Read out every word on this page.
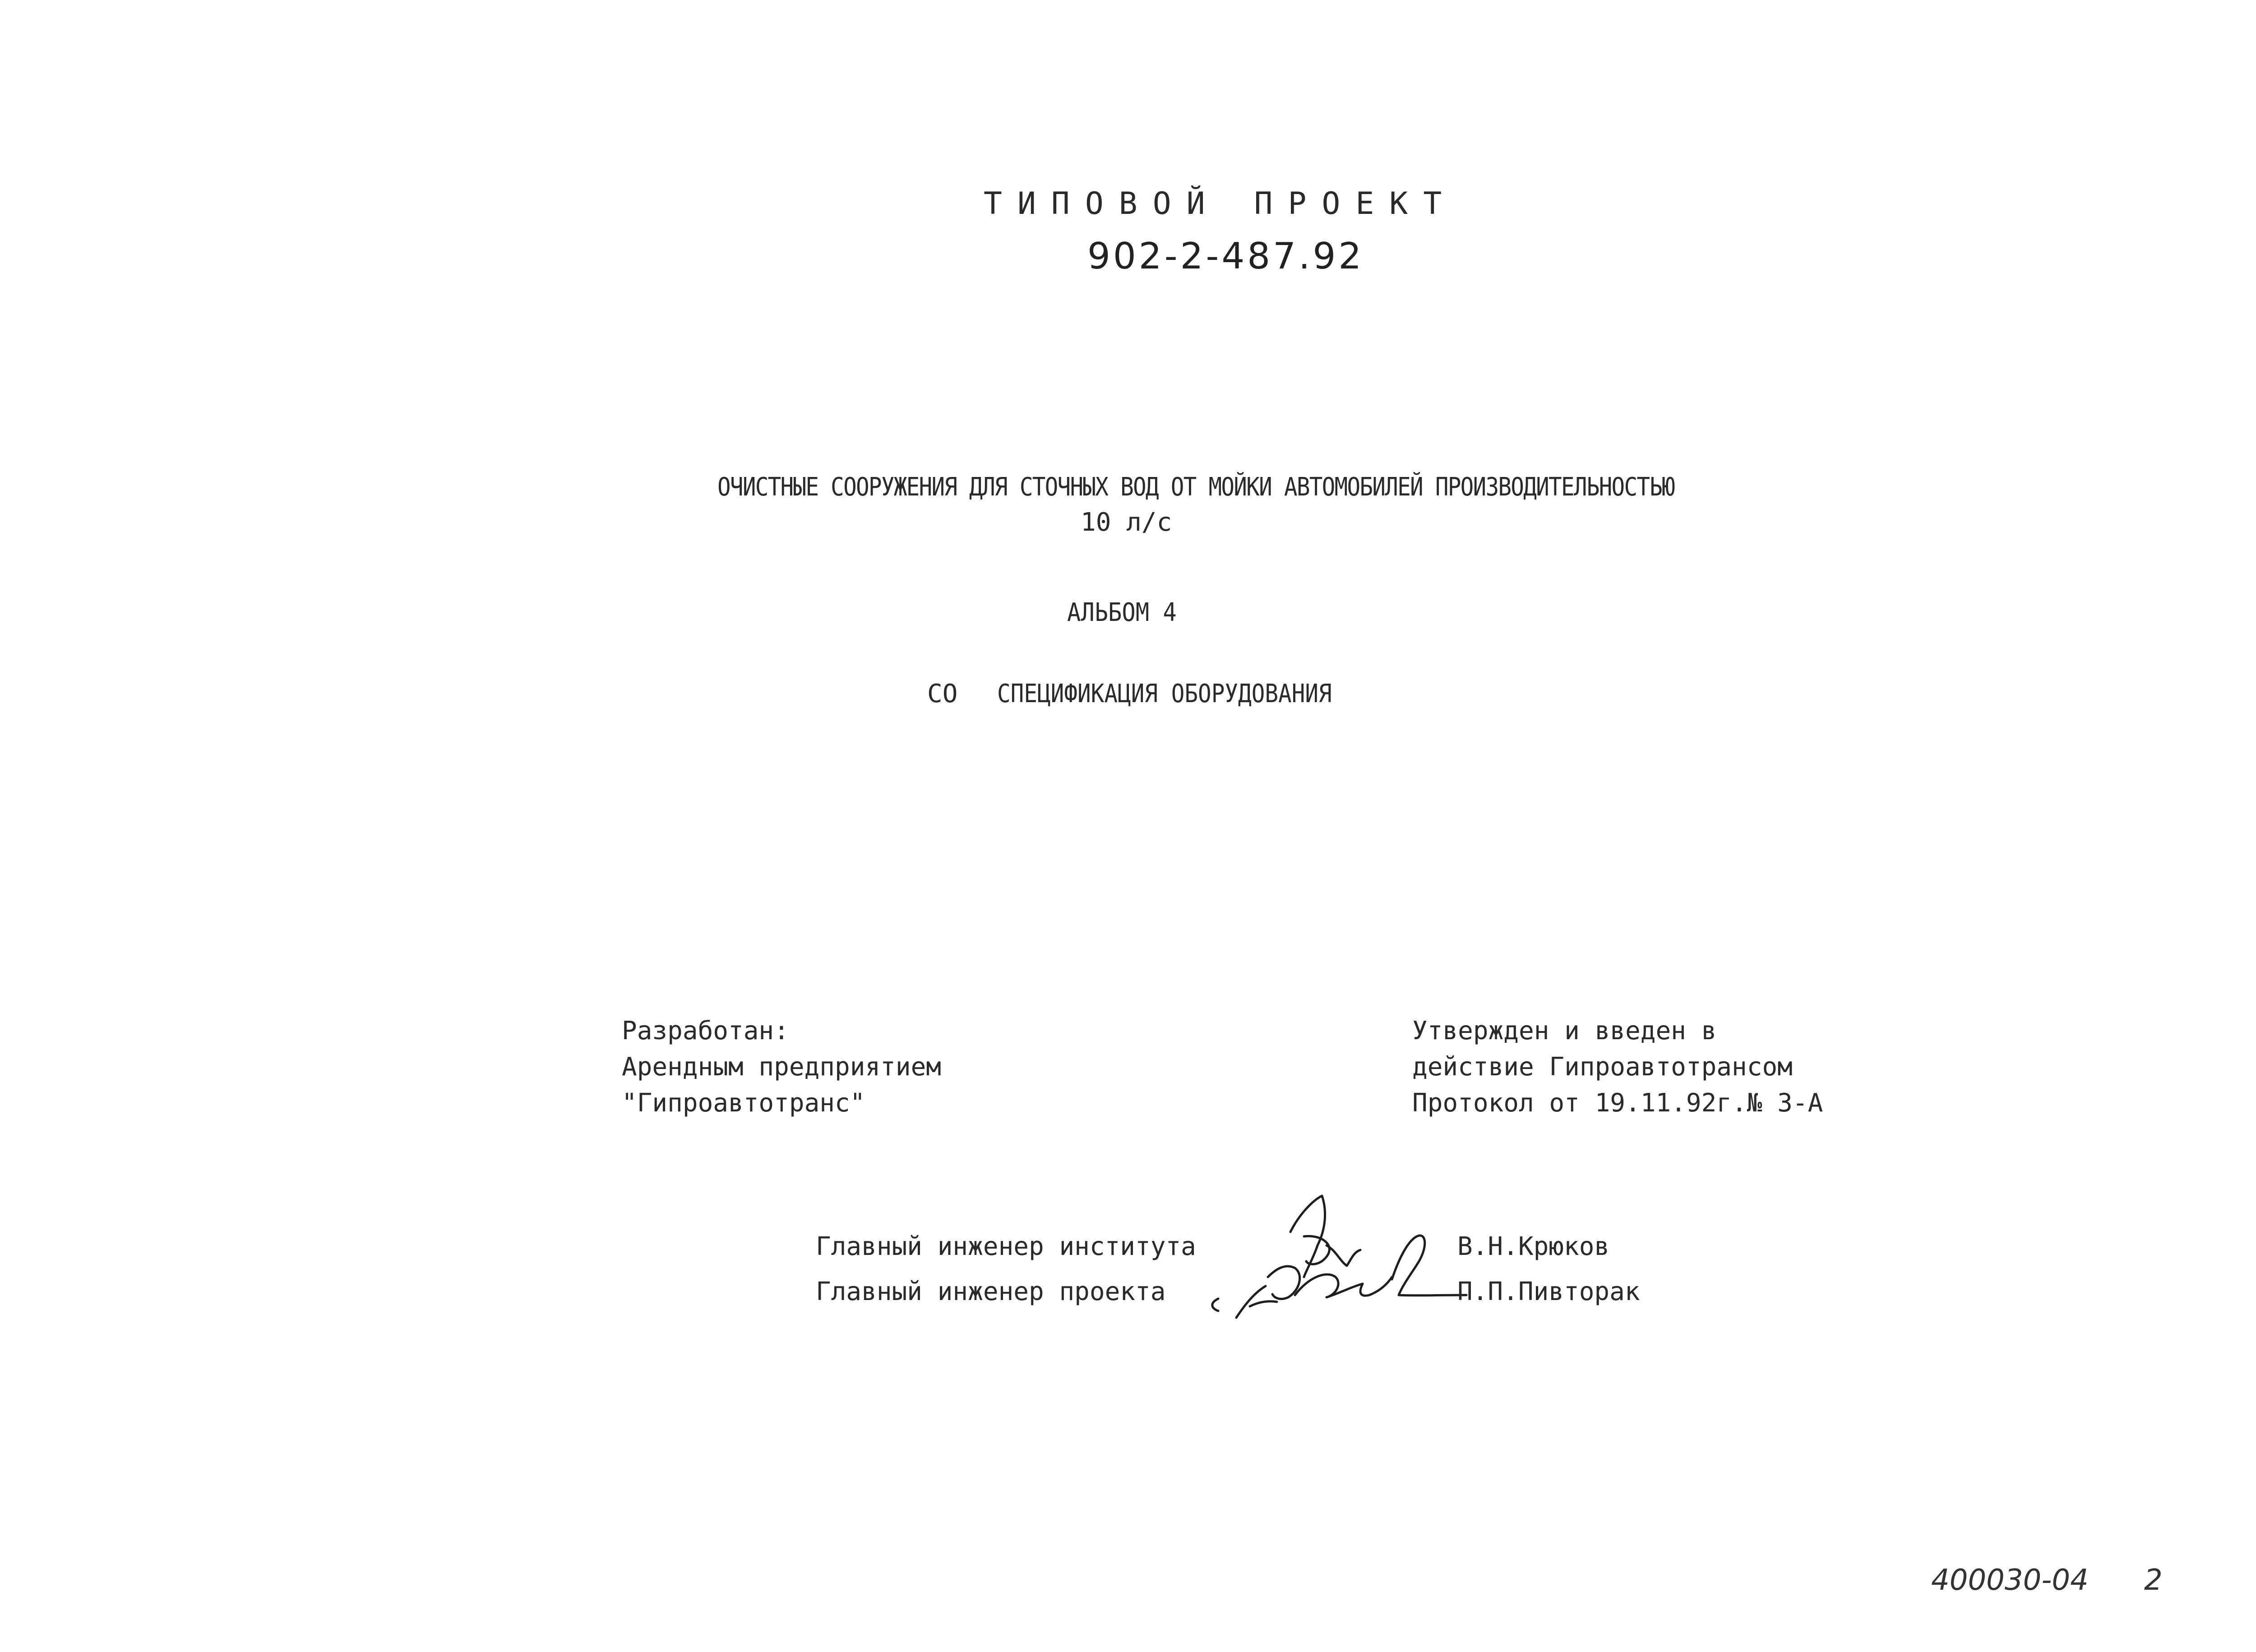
ТИПОВОЙ ПРОЕКТ
902-2-487.92
ОЧИСТНЫЕ СООРУЖЕНИЯ ДЛЯ СТОЧНЫХ ВОД ОТ МОЙКИ АВТОМОБИЛЕЙ ПРОИЗВОДИТЕЛЬНОСТЬЮ
10 л/с
АЛЬБОМ 4
СО СПЕЦИФИКАЦИЯ ОБОРУДОВАНИЯ
Разработан:
Арендным предприятием
"Гипроавтотранс"
Утвержден и введен в
действие Гипроавтотрансом
Протокол от 19.11.92г.№ 3-А
Главный инженер института
Главный инженер проекта
В.Н.Крюков
П.П.Пивторак
400030-04 2
